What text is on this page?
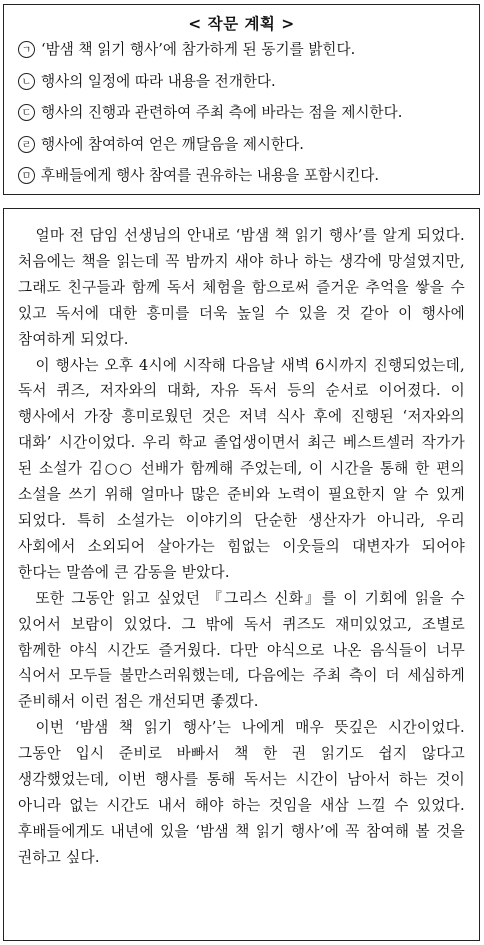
< 작문 계획 >
ㄱ ‘밤샘 책 읽기 행사’에 참가하게 된 동기를 밝힌다.
ㄴ 행사의 일정에 따라 내용을 전개한다.
ㄷ 행사의 진행과 관련하여 주최 측에 바라는 점을 제시한다.
ㄹ 행사에 참여하여 얻은 깨달음을 제시한다.
ㅁ 후배들에게 행사 참여를 권유하는 내용을 포함시킨다.

얼마 전 담임 선생님의 안내로 ‘밤샘 책 읽기 행사’를 알게 되었다. 처음에는 책을 읽는데 꼭 밤까지 새야 하나 하는 생각에 망설였지만, 그래도 친구들과 함께 독서 체험을 함으로써 즐거운 추억을 쌓을 수 있고 독서에 대한 흥미를 더욱 높일 수 있을 것 같아 이 행사에 참여하게 되었다.

이 행사는 오후 4시에 시작해 다음날 새벽 6시까지 진행되었는데, 독서 퀴즈, 저자와의 대화, 자유 독서 등의 순서로 이어졌다. 이 행사에서 가장 흥미로웠던 것은 저녁 식사 후에 진행된 ‘저자와의 대화’ 시간이었다. 우리 학교 졸업생이면서 최근 베스트셀러 작가가 된 소설가 김○○ 선배가 함께해 주었는데, 이 시간을 통해 한 편의 소설을 쓰기 위해 얼마나 많은 준비와 노력이 필요한지 알 수 있게 되었다. 특히 소설가는 이야기의 단순한 생산자가 아니라, 우리 사회에서 소외되어 살아가는 힘없는 이웃들의 대변자가 되어야 한다는 말씀에 큰 감동을 받았다.

또한 그동안 읽고 싶었던 『그리스 신화』를 이 기회에 읽을 수 있어서 보람이 있었다. 그 밖에 독서 퀴즈도 재미있었고, 조별로 함께한 야식 시간도 즐거웠다. 다만 야식으로 나온 음식들이 너무 식어서 모두들 불만스러워했는데, 다음에는 주최 측이 더 세심하게 준비해서 이런 점은 개선되면 좋겠다.

이번 ‘밤샘 책 읽기 행사’는 나에게 매우 뜻깊은 시간이었다. 그동안 입시 준비로 바빠서 책 한 권 읽기도 쉽지 않다고 생각했었는데, 이번 행사를 통해 독서는 시간이 남아서 하는 것이 아니라 없는 시간도 내서 해야 하는 것임을 새삼 느낄 수 있었다. 후배들에게도 내년에 있을 ‘밤샘 책 읽기 행사’에 꼭 참여해 볼 것을 권하고 싶다.
